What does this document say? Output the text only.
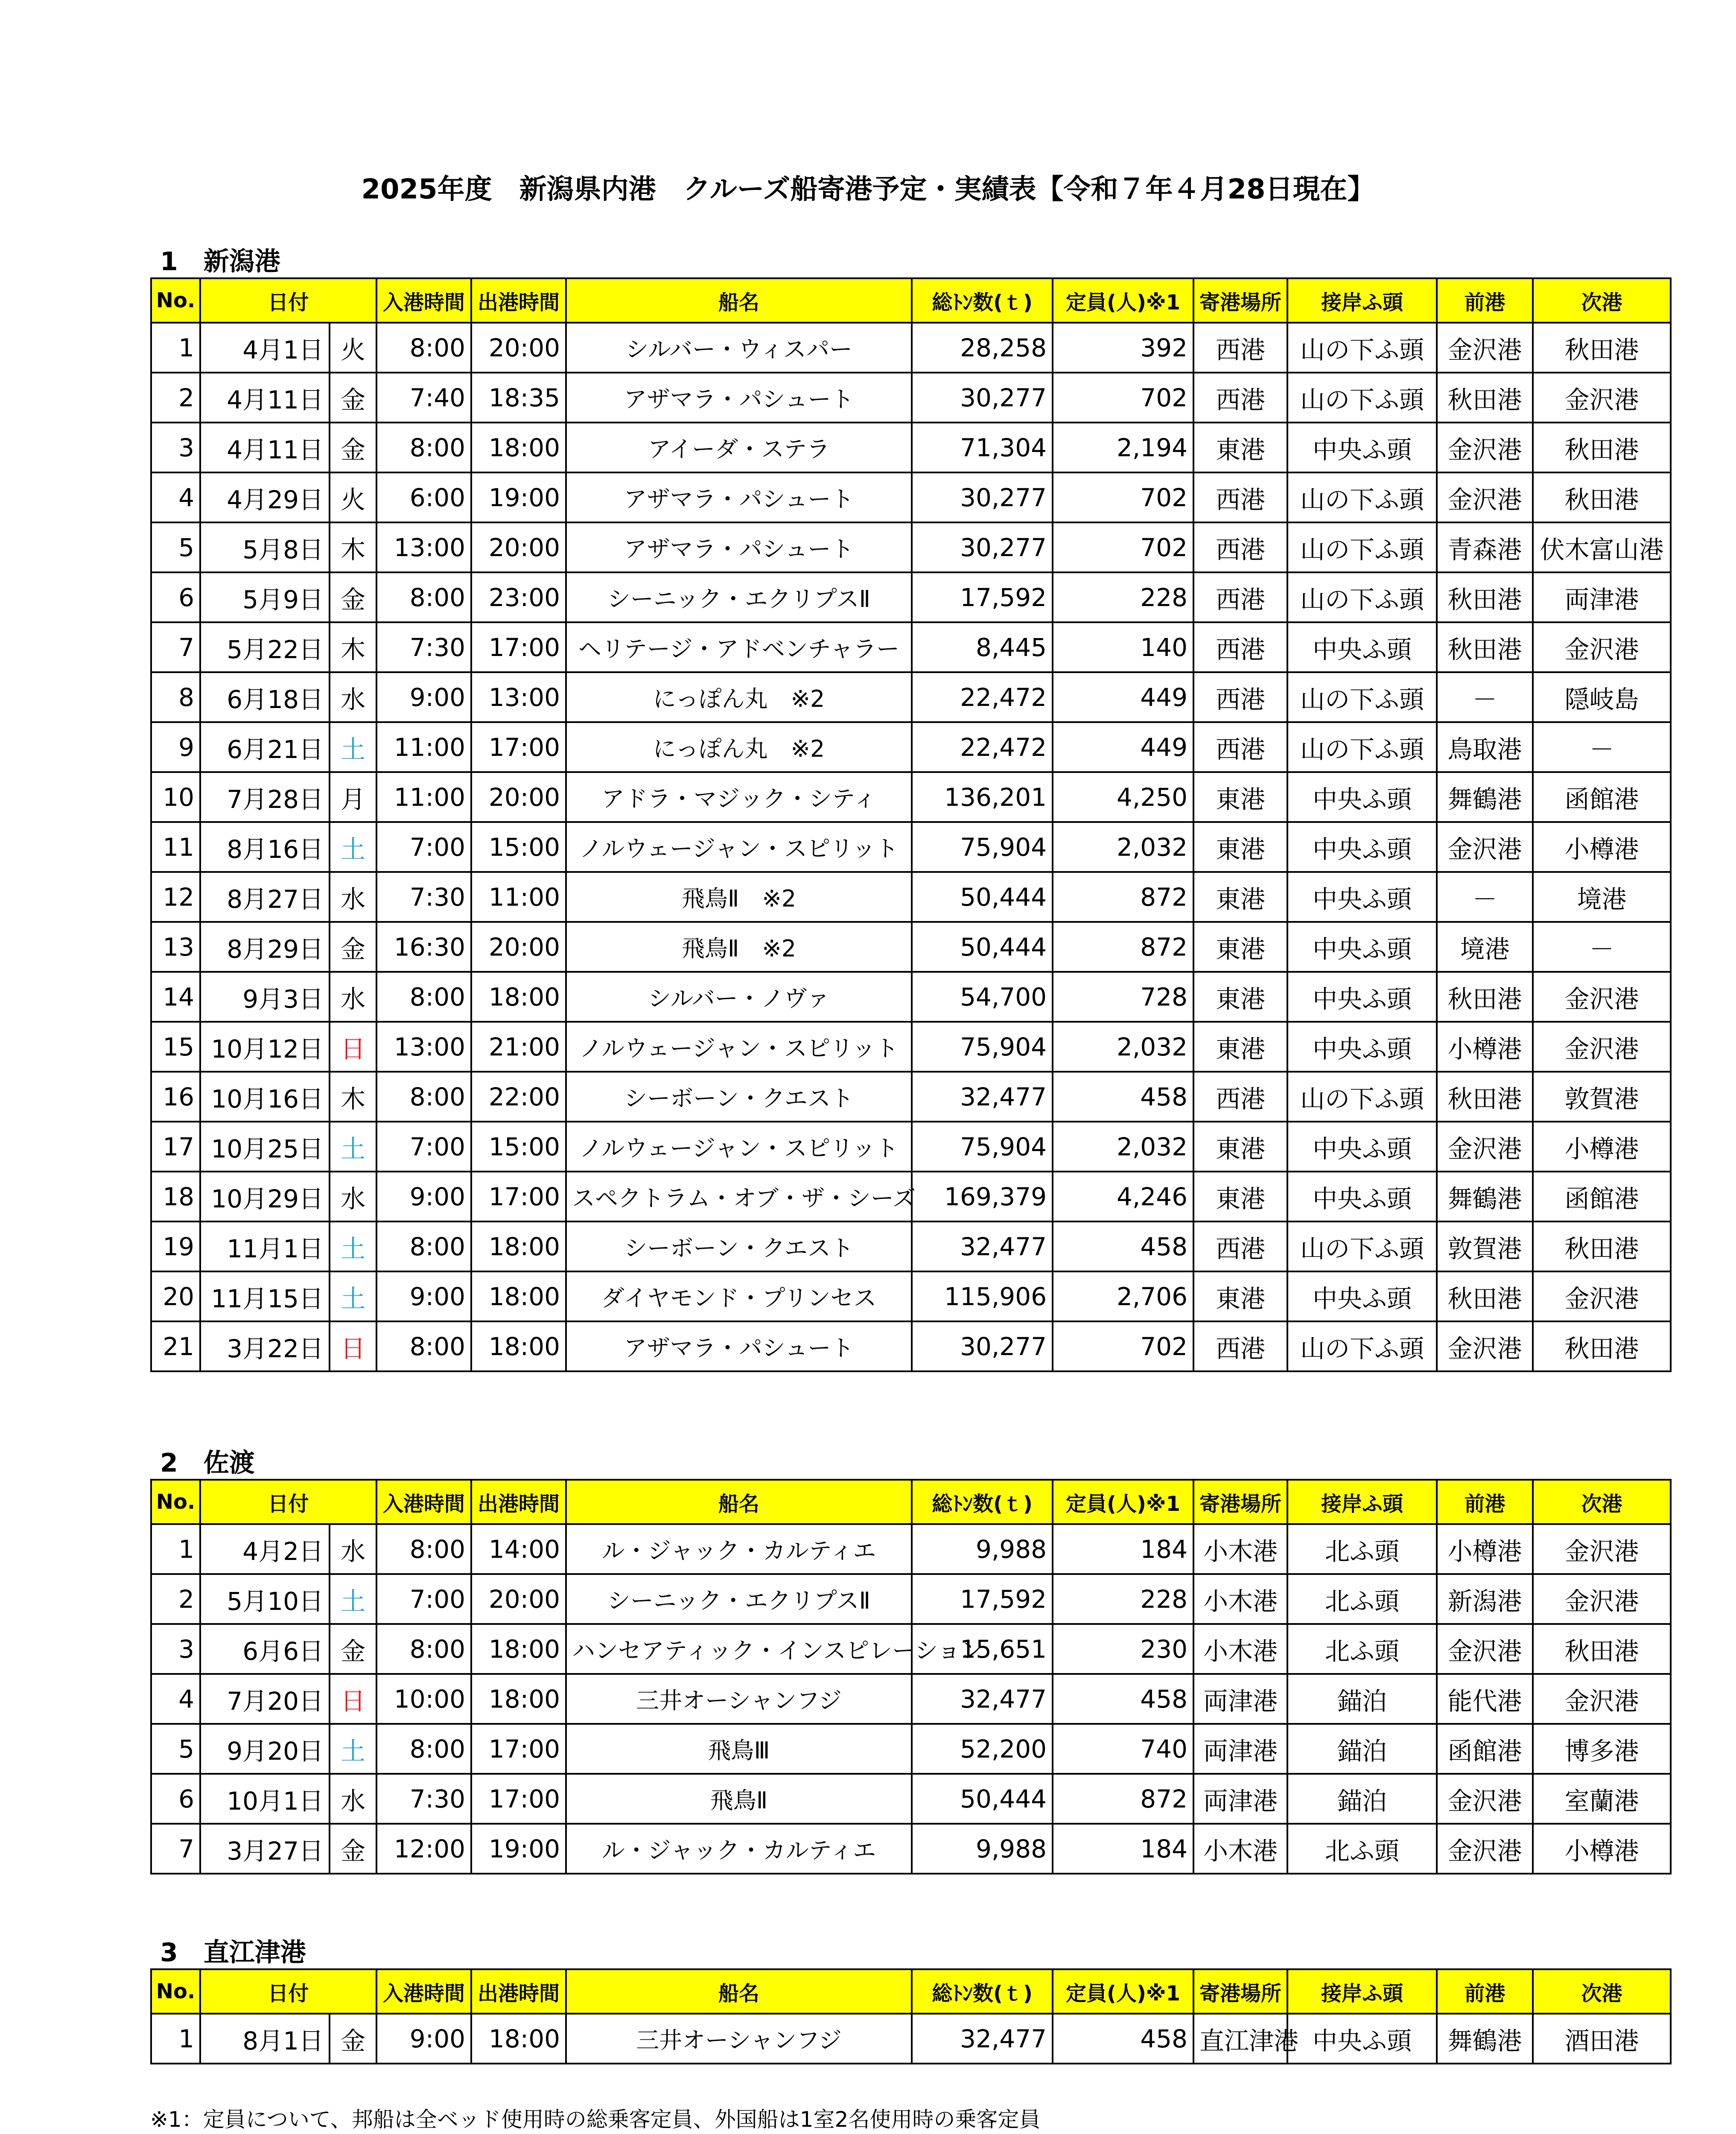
2025年度　新潟県内港　クルーズ船寄港予定・実績表【令和７年４月28日現在】
1　新潟港
No.	日付		入港時間	出港時間	船名	総ﾄﾝ数(ｔ)	定員(人)※1	寄港場所	接岸ふ頭	前港	次港
1	4月1日	火	8:00	20:00	シルバー・ウィスパー	28,258	392	西港	山の下ふ頭	金沢港	秋田港
2	4月11日	金	7:40	18:35	アザマラ・パシュート	30,277	702	西港	山の下ふ頭	秋田港	金沢港
3	4月11日	金	8:00	18:00	アイーダ・ステラ	71,304	2,194	東港	中央ふ頭	金沢港	秋田港
4	4月29日	火	6:00	19:00	アザマラ・パシュート	30,277	702	西港	山の下ふ頭	金沢港	秋田港
5	5月8日	木	13:00	20:00	アザマラ・パシュート	30,277	702	西港	山の下ふ頭	青森港	伏木富山港
6	5月9日	金	8:00	23:00	シーニック・エクリプスⅡ	17,592	228	西港	山の下ふ頭	秋田港	両津港
7	5月22日	木	7:30	17:00	ヘリテージ・アドベンチャラー	8,445	140	西港	中央ふ頭	秋田港	金沢港
8	6月18日	水	9:00	13:00	にっぽん丸　※2	22,472	449	西港	山の下ふ頭	－	隠岐島
9	6月21日	土	11:00	17:00	にっぽん丸　※2	22,472	449	西港	山の下ふ頭	鳥取港	－
10	7月28日	月	11:00	20:00	アドラ・マジック・シティ	136,201	4,250	東港	中央ふ頭	舞鶴港	函館港
11	8月16日	土	7:00	15:00	ノルウェージャン・スピリット	75,904	2,032	東港	中央ふ頭	金沢港	小樽港
12	8月27日	水	7:30	11:00	飛鳥Ⅱ　※2	50,444	872	東港	中央ふ頭	－	境港
13	8月29日	金	16:30	20:00	飛鳥Ⅱ　※2	50,444	872	東港	中央ふ頭	境港	－
14	9月3日	水	8:00	18:00	シルバー・ノヴァ	54,700	728	東港	中央ふ頭	秋田港	金沢港
15	10月12日	日	13:00	21:00	ノルウェージャン・スピリット	75,904	2,032	東港	中央ふ頭	小樽港	金沢港
16	10月16日	木	8:00	22:00	シーボーン・クエスト	32,477	458	西港	山の下ふ頭	秋田港	敦賀港
17	10月25日	土	7:00	15:00	ノルウェージャン・スピリット	75,904	2,032	東港	中央ふ頭	金沢港	小樽港
18	10月29日	水	9:00	17:00	スペクトラム・オブ・ザ・シーズ	169,379	4,246	東港	中央ふ頭	舞鶴港	函館港
19	11月1日	土	8:00	18:00	シーボーン・クエスト	32,477	458	西港	山の下ふ頭	敦賀港	秋田港
20	11月15日	土	9:00	18:00	ダイヤモンド・プリンセス	115,906	2,706	東港	中央ふ頭	秋田港	金沢港
21	3月22日	日	8:00	18:00	アザマラ・パシュート	30,277	702	西港	山の下ふ頭	金沢港	秋田港
2　佐渡
No.	日付		入港時間	出港時間	船名	総ﾄﾝ数(ｔ)	定員(人)※1	寄港場所	接岸ふ頭	前港	次港
1	4月2日	水	8:00	14:00	ル・ジャック・カルティエ	9,988	184	小木港	北ふ頭	小樽港	金沢港
2	5月10日	土	7:00	20:00	シーニック・エクリプスⅡ	17,592	228	小木港	北ふ頭	新潟港	金沢港
3	6月6日	金	8:00	18:00	ハンセアティック・インスピレーション	15,651	230	小木港	北ふ頭	金沢港	秋田港
4	7月20日	日	10:00	18:00	三井オーシャンフジ	32,477	458	両津港	錨泊	能代港	金沢港
5	9月20日	土	8:00	17:00	飛鳥Ⅲ	52,200	740	両津港	錨泊	函館港	博多港
6	10月1日	水	7:30	17:00	飛鳥Ⅱ	50,444	872	両津港	錨泊	金沢港	室蘭港
7	3月27日	金	12:00	19:00	ル・ジャック・カルティエ	9,988	184	小木港	北ふ頭	金沢港	小樽港
3　直江津港
No.	日付		入港時間	出港時間	船名	総ﾄﾝ数(ｔ)	定員(人)※1	寄港場所	接岸ふ頭	前港	次港
1	8月1日	金	9:00	18:00	三井オーシャンフジ	32,477	458	直江津港	中央ふ頭	舞鶴港	酒田港
※1：定員について、邦船は全ベッド使用時の総乗客定員、外国船は1室2名使用時の乗客定員
